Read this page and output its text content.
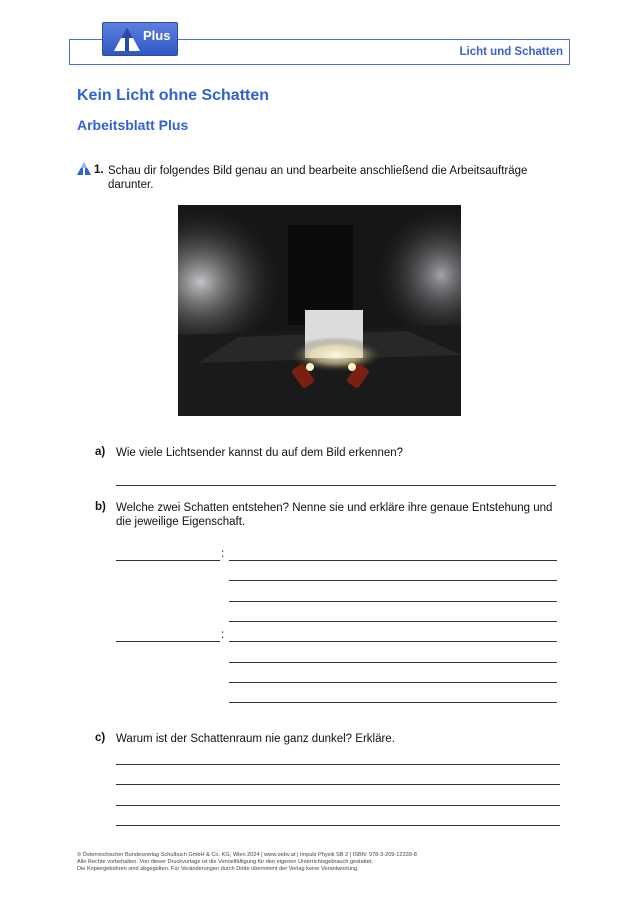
Licht und Schatten
Plus
Kein Licht ohne Schatten
Arbeitsblatt Plus
1. Schau dir folgendes Bild genau an und bearbeite anschließend die Arbeitsaufträge darunter.
a) Wie viele Lichtsender kannst du auf dem Bild erkennen?
b) Welche zwei Schatten entstehen? Nenne sie und erkläre ihre genaue Entstehung und die jeweilige Eigenschaft.
:
:
c) Warum ist der Schattenraum nie ganz dunkel? Erkläre.
© Österreichischer Bundesverlag Schulbuch GmbH & Co. KG, Wien 2024 | www.oebv.at | Impuls Physik SB 2 | ISBN: 978-3-209-12339-8
Alle Rechte vorbehalten. Von dieser Druckvorlage ist die Vervielfältigung für den eigenen Unterrichtsgebrauch gestattet.
Die Kopiergebühren sind abgegolten. Für Veränderungen durch Dritte übernimmt der Verlag keine Verantwortung.
